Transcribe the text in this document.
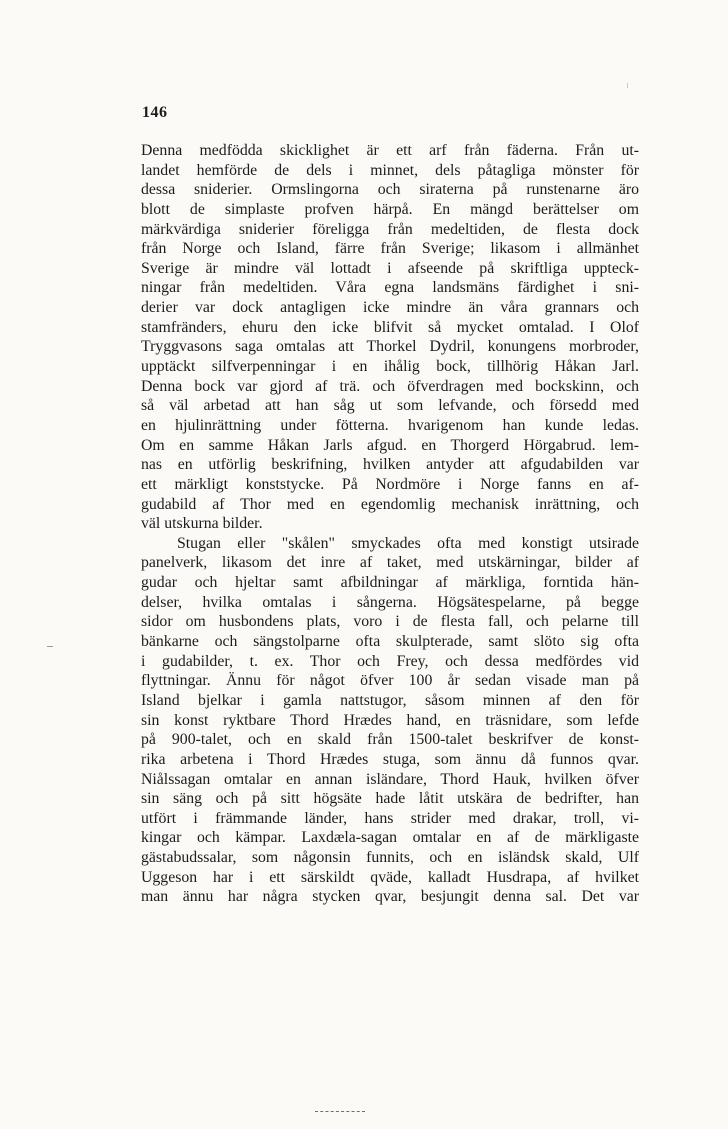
146

Denna medfödda skicklighet är ett arf från fäderna. Från ut-
landet hemförde de dels i minnet, dels påtagliga mönster för
dessa sniderier. Ormslingorna och siraterna på runstenarne äro
blott de simplaste profven härpå. En mängd berättelser om
märkvärdiga sniderier föreligga från medeltiden, de flesta dock
från Norge och Island, färre från Sverige; likasom i allmänhet
Sverige är mindre väl lottadt i afseende på skriftliga uppteck-
ningar från medeltiden. Våra egna landsmäns färdighet i sni-
derier var dock antagligen icke mindre än våra grannars och
stamfränders, ehuru den icke blifvit så mycket omtalad. I Olof
Tryggvasons saga omtalas att Thorkel Dydril, konungens morbroder,
upptäckt silfverpenningar i en ihålig bock, tillhörig Håkan Jarl.
Denna bock var gjord af trä. och öfverdragen med bockskinn, och
så väl arbetad att han såg ut som lefvande, och försedd med
en hjulinrättning under fötterna. hvarigenom han kunde ledas.
Om en samme Håkan Jarls afgud. en Thorgerd Hörgabrud. lem-
nas en utförlig beskrifning, hvilken antyder att afgudabilden var
ett märkligt konststycke. På Nordmöre i Norge fanns en af-
gudabild af Thor med en egendomlig mechanisk inrättning, och
väl utskurna bilder.
Stugan eller "skålen" smyckades ofta med konstigt utsirade
panelverk, likasom det inre af taket, med utskärningar, bilder af
gudar och hjeltar samt afbildningar af märkliga, forntida hän-
delser, hvilka omtalas i sångerna. Högsätespelarne, på begge
sidor om husbondens plats, voro i de flesta fall, och pelarne till
bänkarne och sängstolparne ofta skulpterade, samt slöto sig ofta
i gudabilder, t. ex. Thor och Frey, och dessa medfördes vid
flyttningar. Ännu för något öfver 100 år sedan visade man på
Island bjelkar i gamla nattstugor, såsom minnen af den för
sin konst ryktbare Thord Hrædes hand, en träsnidare, som lefde
på 900-talet, och en skald från 1500-talet beskrifver de konst-
rika arbetena i Thord Hrædes stuga, som ännu då funnos qvar.
Niålssagan omtalar en annan isländare, Thord Hauk, hvilken öfver
sin säng och på sitt högsäte hade låtit utskära de bedrifter, han
utfört i främmande länder, hans strider med drakar, troll, vi-
kingar och kämpar. Laxdæla-sagan omtalar en af de märkligaste
gästabudssalar, som någonsin funnits, och en isländsk skald, Ulf
Uggeson har i ett särskildt qväde, kalladt Husdrapa, af hvilket
man ännu har några stycken qvar, besjungit denna sal. Det var
